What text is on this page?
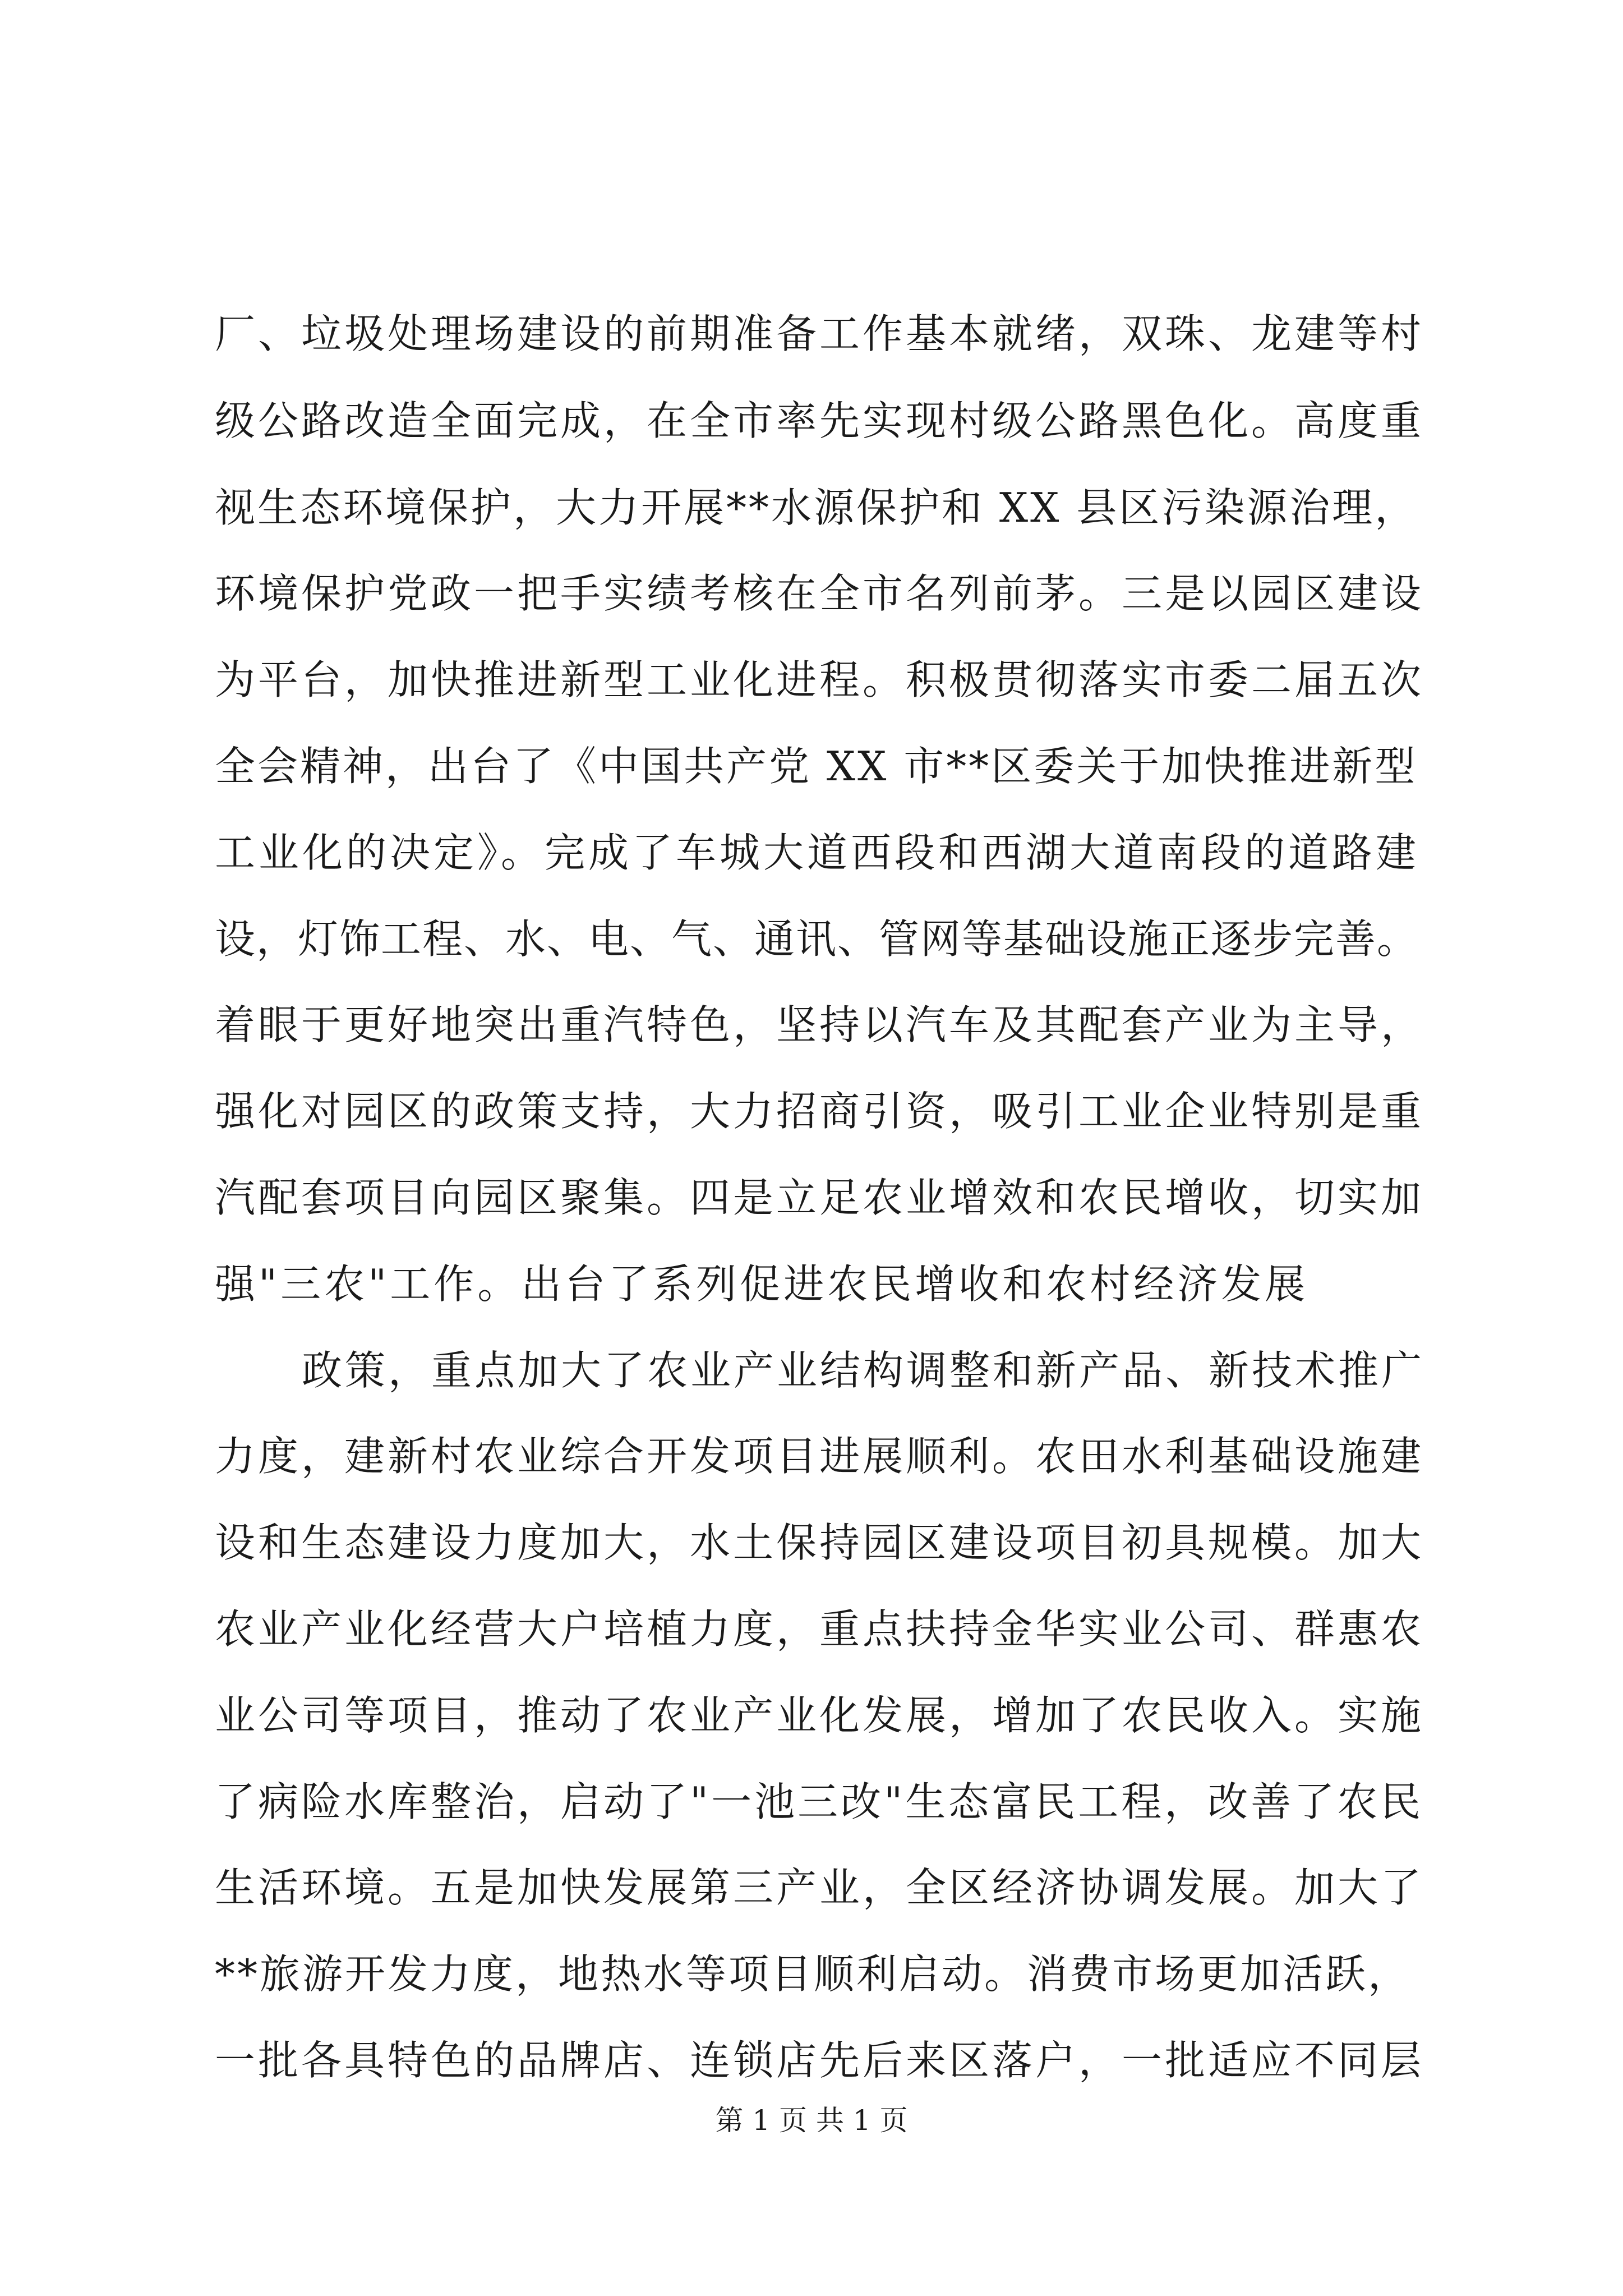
厂、垃圾处理场建设的前期准备工作基本就绪，双珠、龙建等村
级公路改造全面完成，在全市率先实现村级公路黑色化。高度重
视生态环境保护，大力开展**水源保护和 XX 县区污染源治理，
环境保护党政一把手实绩考核在全市名列前茅。三是以园区建设
为平台，加快推进新型工业化进程。积极贯彻落实市委二届五次
全会精神，出台了《中国共产党 XX 市**区委关于加快推进新型
工业化的决定》。完成了车城大道西段和西湖大道南段的道路建
设，灯饰工程、水、电、气、通讯、管网等基础设施正逐步完善。
着眼于更好地突出重汽特色，坚持以汽车及其配套产业为主导，
强化对园区的政策支持，大力招商引资，吸引工业企业特别是重
汽配套项目向园区聚集。四是立足农业增效和农民增收，切实加
强"三农"工作。出台了系列促进农民增收和农村经济发展
政策，重点加大了农业产业结构调整和新产品、新技术推广
力度，建新村农业综合开发项目进展顺利。农田水利基础设施建
设和生态建设力度加大，水土保持园区建设项目初具规模。加大
农业产业化经营大户培植力度，重点扶持金华实业公司、群惠农
业公司等项目，推动了农业产业化发展，增加了农民收入。实施
了病险水库整治，启动了"一池三改"生态富民工程，改善了农民
生活环境。五是加快发展第三产业，全区经济协调发展。加大了
**旅游开发力度，地热水等项目顺利启动。消费市场更加活跃，
一批各具特色的品牌店、连锁店先后来区落户，一批适应不同层
第 1 页 共 1 页
